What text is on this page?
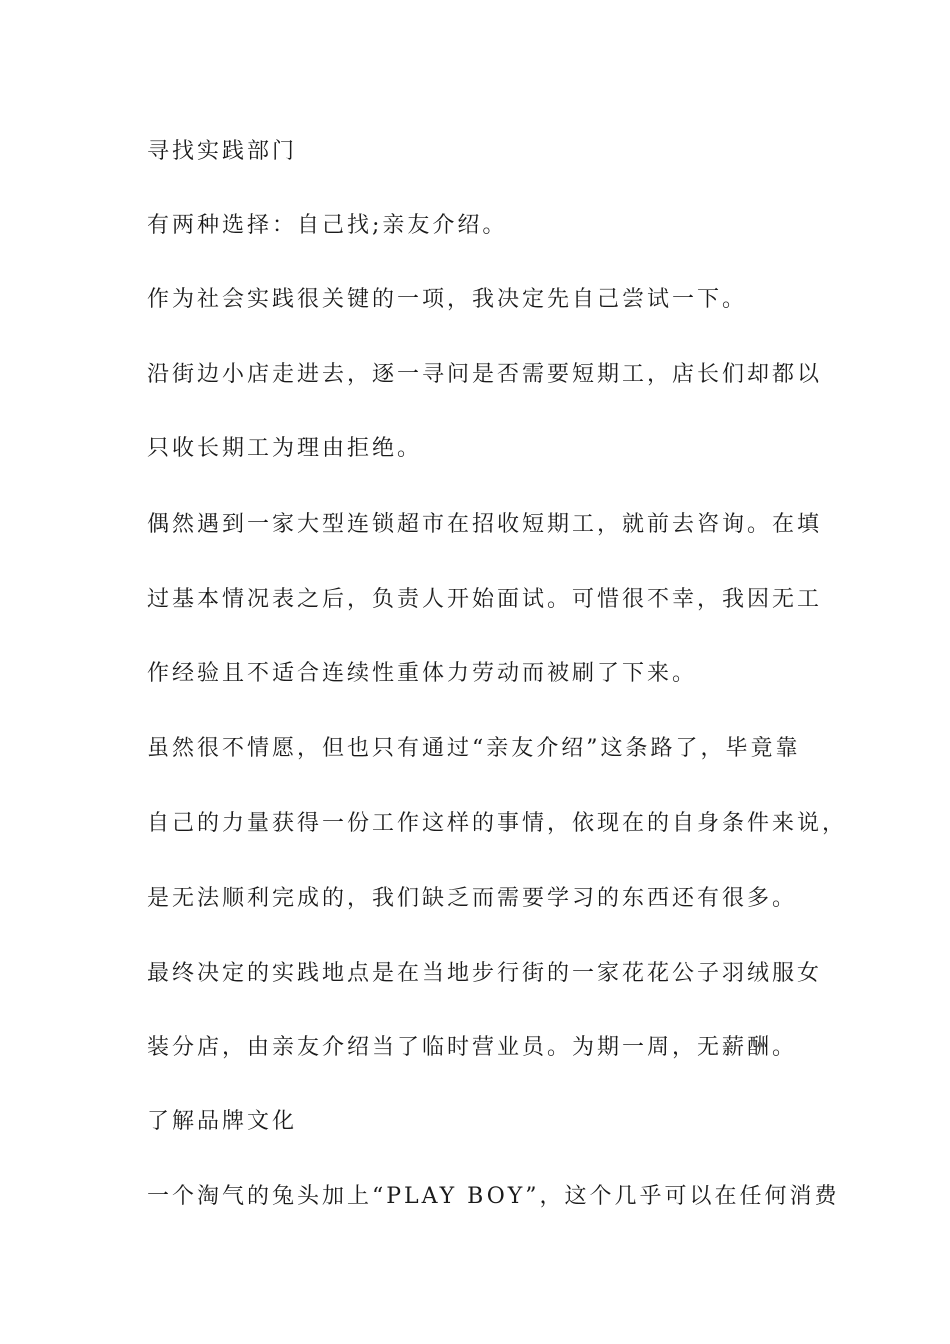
寻找实践部门
有两种选择：自己找;亲友介绍。
作为社会实践很关键的一项，我决定先自己尝试一下。
沿街边小店走进去，逐一寻问是否需要短期工，店长们却都以
只收长期工为理由拒绝。
偶然遇到一家大型连锁超市在招收短期工，就前去咨询。在填
过基本情况表之后，负责人开始面试。可惜很不幸，我因无工
作经验且不适合连续性重体力劳动而被刷了下来。
虽然很不情愿，但也只有通过“亲友介绍”这条路了，毕竟靠
自己的力量获得一份工作这样的事情，依现在的自身条件来说，
是无法顺利完成的，我们缺乏而需要学习的东西还有很多。
最终决定的实践地点是在当地步行街的一家花花公子羽绒服女
装分店，由亲友介绍当了临时营业员。为期一周，无薪酬。
了解品牌文化
一个淘气的兔头加上“PLAY BOY”，这个几乎可以在任何消费
